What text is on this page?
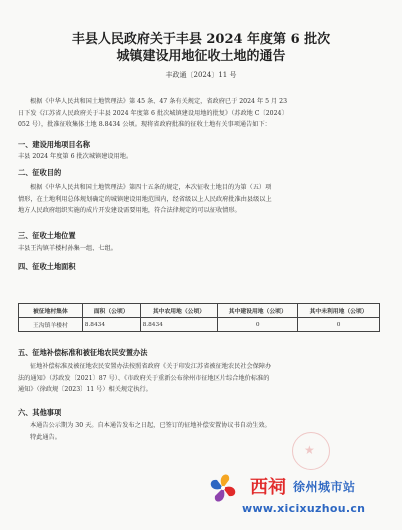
丰县人民政府关于丰县 2024 年度第 6 批次
城镇建设用地征收土地的通告
丰政通〔2024〕11 号
根据《中华人民共和国土地管理法》第 45 条、47 条有关规定，省政府已于 2024 年 5 月 23
日下发《江苏省人民政府关于丰县 2024 年度第 6 批次城镇建设用地的批复》（苏政地 C〔2024〕
052 号），批准征收集体土地 8.8434 公顷。现将省政府批准的征收土地有关事项通告如下：
一、建设用地项目名称
丰县 2024 年度第 6 批次城镇建设用地。
二、征收目的
根据《中华人民共和国土地管理法》第四十五条的规定，本次征收土地目的为第（五）项
情形，在土地利用总体规划确定的城镇建设用地范围内，经省级以上人民政府批准由县级以上
地方人民政府组织实施的成片开发建设需要用地，符合法律规定的可以征收情形。
三、征收土地位置
丰县王沟镇羊楼村孙集一组、七组。
四、征收土地面积
被征地村集体	面积（公顷）	其中农用地（公顷）	其中建设用地（公顷）	其中未利用地（公顷）
王沟镇羊楼村	8.8434	8.8434	0	0
五、征地补偿标准和被征地农民安置办法
征地补偿标准及被征地农民安置办法按照省政府《关于印发江苏省被征地农民社会保障办
法的通知》（苏政发〔2021〕87 号）、《市政府关于重新公布徐州市征地区片综合地价标准的
通知》（徐政规〔2023〕11 号）相关规定执行。
六、其他事项
本通告公示期为 30 天。自本通告发布之日起，已签订的征地补偿安置协议书自动生效。
特此通告。
★
西祠 徐州城市站
www.xicixuzhou.cn
